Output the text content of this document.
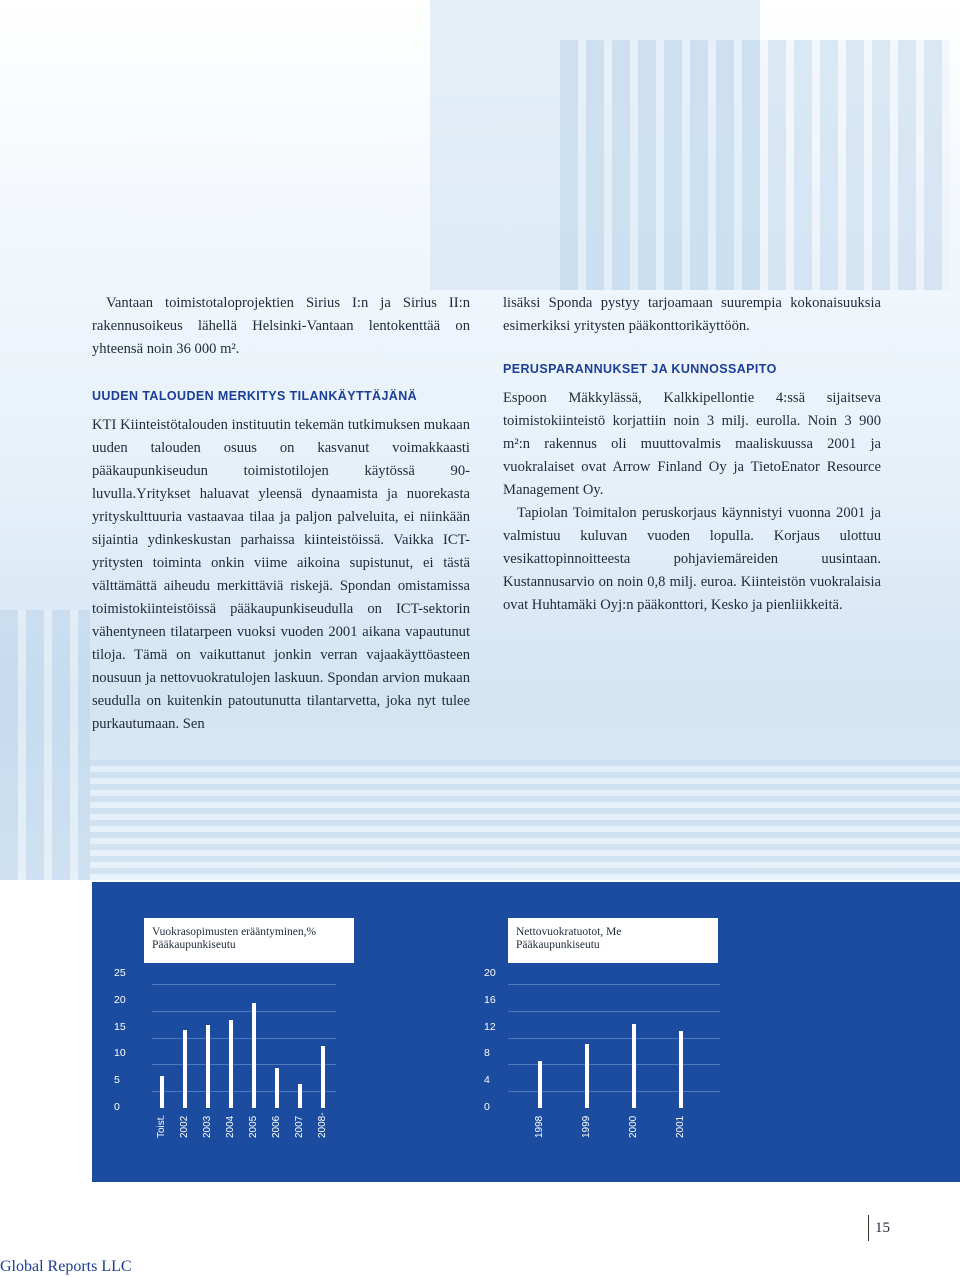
Vantaan toimistotaloprojektien Sirius I:n ja Sirius II:n rakennusoikeus lähellä Helsinki-Vantaan lentokenttää on yhteensä noin 36 000 m².

UUDEN TALOUDEN MERKITYS TILANKÄYTTÄJÄNÄ

KTI Kiinteistötalouden instituutin tekemän tutkimuksen mukaan uuden talouden osuus on kasvanut voimakkaasti pääkaupunkiseudun toimistotilojen käytössä 90-luvulla.Yritykset haluavat yleensä dynaamista ja nuorekasta yrityskulttuuria vastaavaa tilaa ja paljon palveluita, ei niinkään sijaintia ydinkeskustan parhaissa kiinteistöissä. Vaikka ICT-yritysten toiminta onkin viime aikoina supistunut, ei tästä välttämättä aiheudu merkittäviä riskejä. Spondan omistamissa toimistokiinteistöissä pääkaupunkiseudulla on ICT-sektorin vähentyneen tilatarpeen vuoksi vuoden 2001 aikana vapautunut tiloja. Tämä on vaikuttanut jonkin verran vajaakäyttöasteen nousuun ja nettovuokratulojen laskuun. Spondan arvion mukaan seudulla on kuitenkin patoutunutta tilantarvetta, joka nyt tulee purkautumaan. Sen

lisäksi Sponda pystyy tarjoamaan suurempia kokonaisuuksia esimerkiksi yritysten pääkonttorikäyttöön.

PERUSPARANNUKSET JA KUNNOSSAPITO

Espoon Mäkkylässä, Kalkkipellontie 4:ssä sijaitseva toimistokiinteistö korjattiin noin 3 milj. eurolla. Noin 3 900 m²:n rakennus oli muuttovalmis maaliskuussa 2001 ja vuokralaiset ovat Arrow Finland Oy ja TietoEnator Resource Management Oy.

Tapiolan Toimitalon peruskorjaus käynnistyi vuonna 2001 ja valmistuu kuluvan vuoden lopulla. Korjaus ulottuu vesikattopinnoitteesta pohjaviemäreiden uusintaan. Kustannusarvio on noin 0,8 milj. euroa. Kiinteistön vuokralaisia ovat Huhtamäki Oyj:n pääkonttori, Kesko ja pienliikkeitä.

Vuokrasopimusten erääntyminen,%
Pääkaupunkiseutu
Nettovuokratuotot, Me
Pääkaupunkiseutu
25
20
15
10
5
0
Toist. 2002 2003 2004 2005 2006 2007 2008-
20
16
12
8
4
0
1998	1999	2000	2001
15
Global Reports LLC
